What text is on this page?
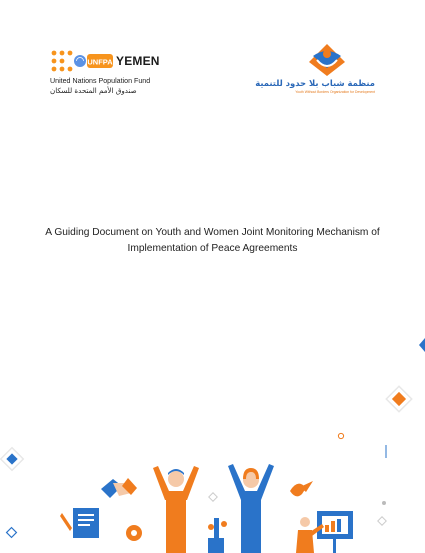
UNFPA YEMEN
United Nations Population Fund
صندوق الأمم المتحدة للسكان
منظمة شباب بلا حدود للتنمية
Youth Without Borders Organization for Development
A Guiding Document on Youth and Women Joint Monitoring Mechanism of
Implementation of Peace Agreements
